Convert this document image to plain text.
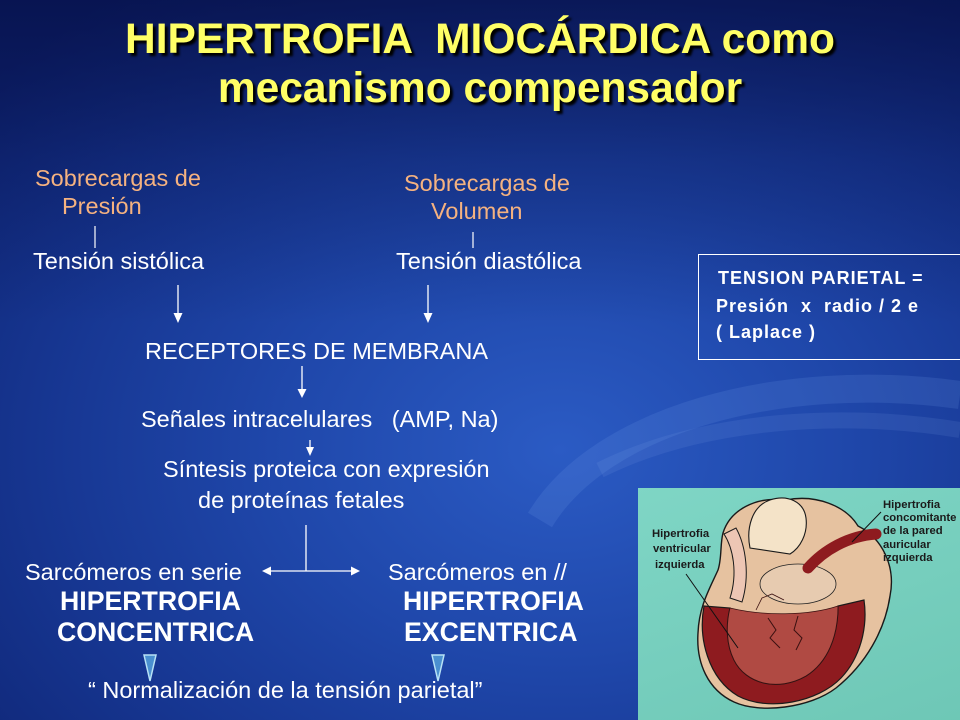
HIPERTROFIA  MIOCÁRDICA como
mecanismo compensador
Sobrecargas de
Presión
Sobrecargas de
Volumen
Tensión sistólica	Tensión diastólica
RECEPTORES DE MEMBRANA
Señales intracelulares   (AMP, Na)
Síntesis proteica con expresión
de proteínas fetales
Sarcómeros en serie	Sarcómeros en //
HIPERTROFIA
CONCENTRICA
HIPERTROFIA
EXCENTRICA
“ Normalización de la tensión parietal”
TENSION PARIETAL =
Presión  x  radio / 2 e
( Laplace )
Hipertrofia
ventricular
izquierda
Hipertrofia
concomitante
de la pared
auricular
izquierda
